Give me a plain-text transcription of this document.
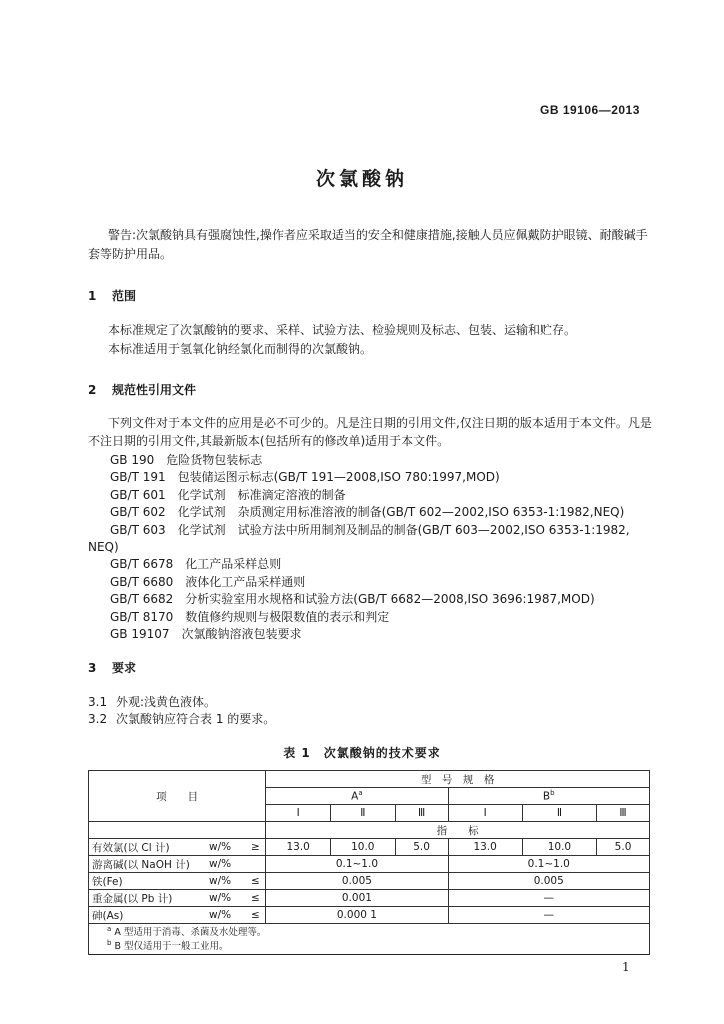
GB 19106—2013
次氯酸钠
警告:次氯酸钠具有强腐蚀性,操作者应采取适当的安全和健康措施,接触人员应佩戴防护眼镜、耐酸碱手套等防护用品。
1 范围
本标准规定了次氯酸钠的要求、采样、试验方法、检验规则及标志、包装、运输和贮存。
本标准适用于氢氧化钠经氯化而制得的次氯酸钠。
2 规范性引用文件
下列文件对于本文件的应用是必不可少的。凡是注日期的引用文件,仅注日期的版本适用于本文件。凡是不注日期的引用文件,其最新版本(包括所有的修改单)适用于本文件。
GB 190　危险货物包装标志
GB/T 191　包装储运图示标志(GB/T 191—2008,ISO 780:1997,MOD)
GB/T 601　化学试剂　标准滴定溶液的制备
GB/T 602　化学试剂　杂质测定用标准溶液的制备(GB/T 602—2002,ISO 6353-1:1982,NEQ)
GB/T 603　化学试剂　试验方法中所用制剂及制品的制备(GB/T 603—2002,ISO 6353-1:1982,
NEQ)
GB/T 6678　化工产品采样总则
GB/T 6680　液体化工产品采样通则
GB/T 6682　分析实验室用水规格和试验方法(GB/T 6682—2008,ISO 3696:1987,MOD)
GB/T 8170　数值修约规则与极限数值的表示和判定
GB 19107　次氯酸钠溶液包装要求
3 要求
3.1 外观:浅黄色液体。
3.2 次氯酸钠应符合表 1 的要求。
表 1　次氯酸钠的技术要求
项　　目			型　号　规　格					
			$A^a$			$B^b$
			Ⅰ	Ⅱ	Ⅲ	Ⅰ	Ⅱ	Ⅲ
			指　　标					
有效氯(以 Cl 计)	w/%	≥	13.0	10.0	5.0	13.0	10.0	5.0
游离碱(以 NaOH 计)	w/%		0.1~1.0			0.1~1.0		
铁(Fe)	w/%	≤	0.005			0.005		
重金属(以 Pb 计)	w/%	≤	0.001			—		
砷(As)	w/%	≤	0.000 1			—		
$^a$ A 型适用于消毒、杀菌及水处理等。								
$^b$ B 型仅适用于一般工业用。								
1
